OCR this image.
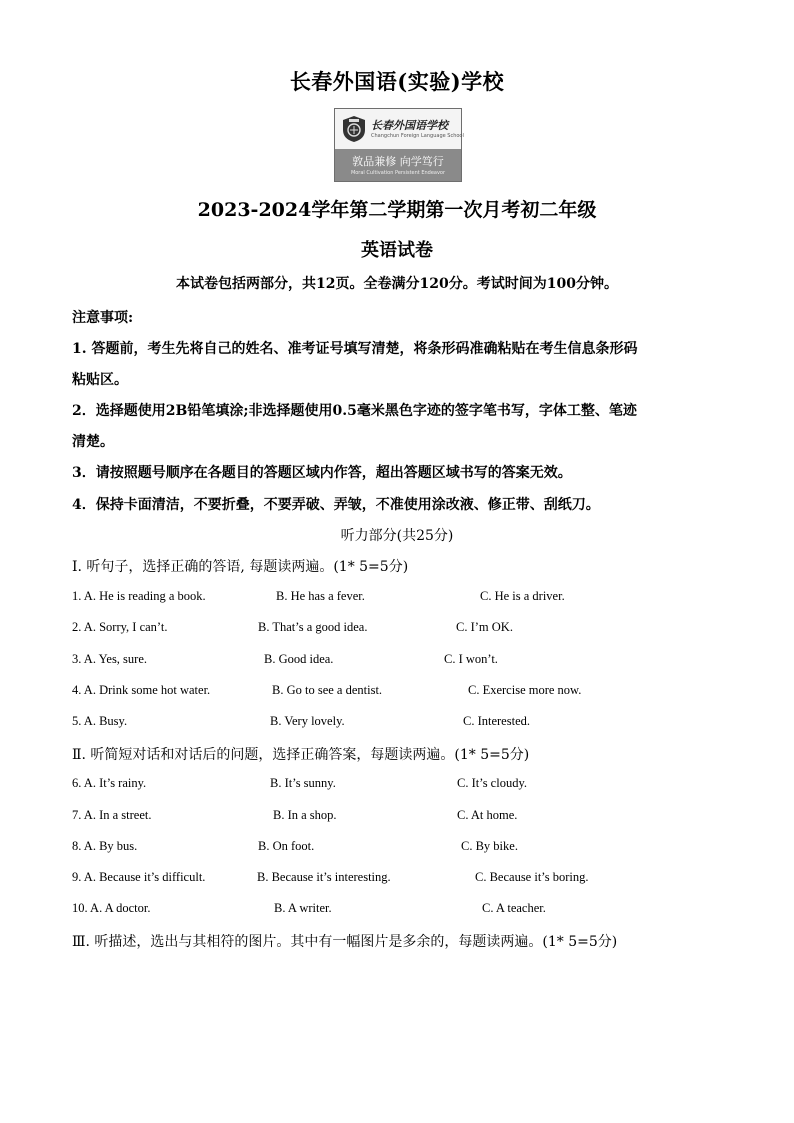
长春外国语(实验)学校
长春外国语学校
Changchun Foreign Language School
敦品兼修 向学笃行
Moral Cultivation Persistent Endeavor
2023-2024学年第二学期第一次月考初二年级
英语试卷
本试卷包括两部分，共12页。全卷满分120分。考试时间为100分钟。
注意事项:
1. 答题前，考生先将自己的姓名、准考证号填写清楚，将条形码准确粘贴在考生信息条形码
粘贴区。
2．选择题使用2B铅笔填涂;非选择题使用0.5毫米黑色字迹的签字笔书写，字体工整、笔迹
清楚。
3．请按照题号顺序在各题目的答题区域内作答，超出答题区域书写的答案无效。
4．保持卡面清洁，不要折叠，不要弄破、弄皱，不准使用涂改液、修正带、刮纸刀。
听力部分(共25分)
Ⅰ. 听句子，选择正确的答语, 每题读两遍。(1* 5=5分)
1. A. He is reading a book.	B. He has a fever.	C. He is a driver.
2. A. Sorry, I can’t.	B. That’s a good idea.	C. I’m OK.
3. A. Yes, sure.	B. Good idea.	C. I won’t.
4. A. Drink some hot water.	B. Go to see a dentist.	C. Exercise more now.
5. A. Busy.	B. Very lovely.	C. Interested.
Ⅱ. 听简短对话和对话后的问题，选择正确答案，每题读两遍。(1* 5=5分)
6. A. It’s rainy.	B. It’s sunny.	C. It’s cloudy.
7. A. In a street.	B. In a shop.	C. At home.
8. A. By bus.	B. On foot.	C. By bike.
9. A. Because it’s difficult.	B. Because it’s interesting.	C. Because it’s boring.
10. A. A doctor.	B. A writer.	C. A teacher.
Ⅲ. 听描述，选出与其相符的图片。其中有一幅图片是多余的，每题读两遍。(1* 5=5分)
